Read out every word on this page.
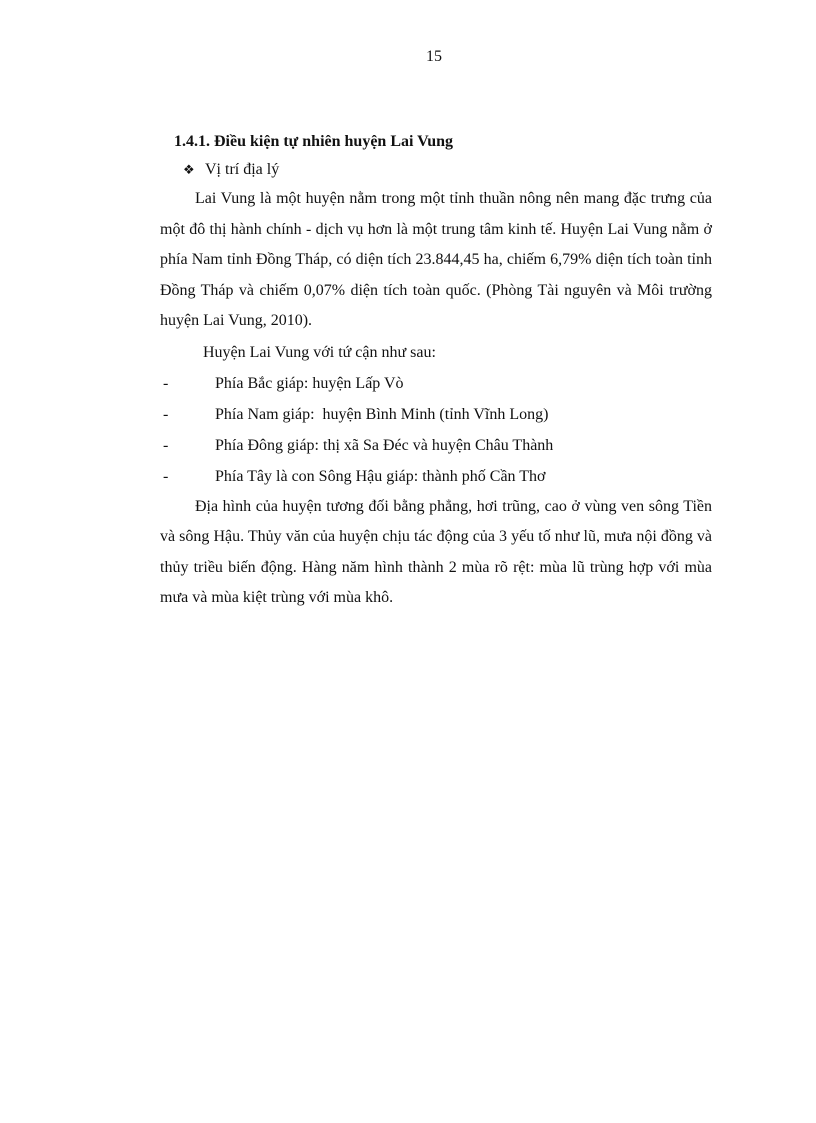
15
1.4.1. Điều kiện tự nhiên huyện Lai Vung
❖ Vị trí địa lý

Lai Vung là một huyện nằm trong một tỉnh thuần nông nên mang đặc trưng của một đô thị hành chính - dịch vụ hơn là một trung tâm kinh tế. Huyện Lai Vung nằm ở phía Nam tỉnh Đồng Tháp, có diện tích 23.844,45 ha, chiếm 6,79% diện tích toàn tỉnh Đồng Tháp và chiếm 0,07% diện tích toàn quốc. (Phòng Tài nguyên và Môi trường huyện Lai Vung, 2010).

Huyện Lai Vung với tứ cận như sau:
-	Phía Bắc giáp: huyện Lấp Vò
-	Phía Nam giáp:  huyện Bình Minh (tỉnh Vĩnh Long)
-	Phía Đông giáp: thị xã Sa Đéc và huyện Châu Thành
-	Phía Tây là con Sông Hậu giáp: thành phố Cần Thơ

Địa hình của huyện tương đối bằng phẳng, hơi trũng, cao ở vùng ven sông Tiền và sông Hậu. Thủy văn của huyện chịu tác động của 3 yếu tố như lũ, mưa nội đồng và thủy triều biến động. Hàng năm hình thành 2 mùa rõ rệt: mùa lũ trùng hợp với mùa mưa và mùa kiệt trùng với mùa khô.
